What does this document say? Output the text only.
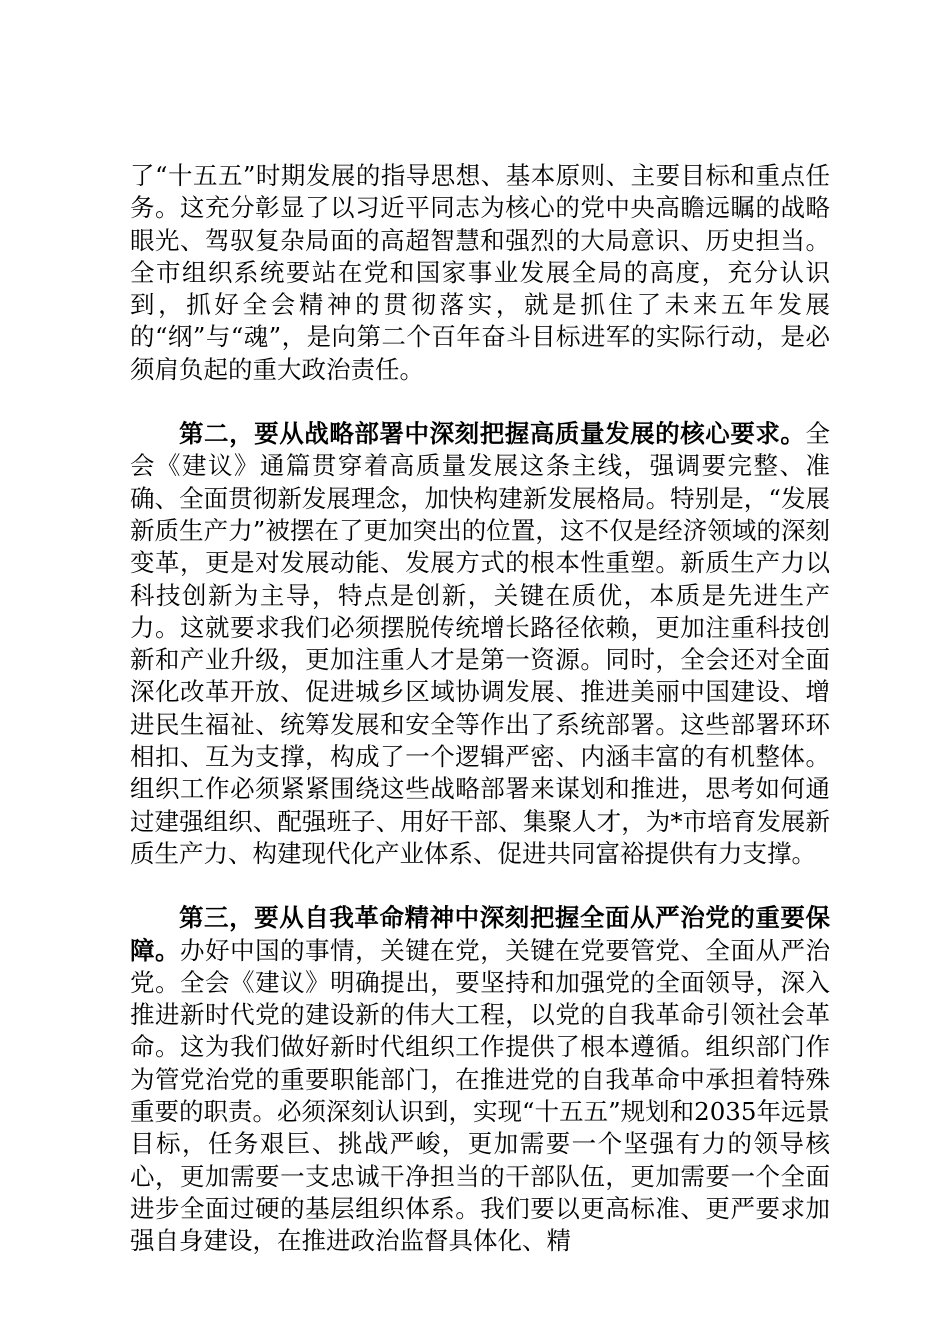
了“十五五”时期发展的指导思想、基本原则、主要目标和重点任务。这充分彰显了以习近平同志为核心的党中央高瞻远瞩的战略眼光、驾驭复杂局面的高超智慧和强烈的大局意识、历史担当。全市组织系统要站在党和国家事业发展全局的高度，充分认识到，抓好全会精神的贯彻落实，就是抓住了未来五年发展的“纲”与“魂”，是向第二个百年奋斗目标进军的实际行动，是必须肩负起的重大政治责任。

第二，要从战略部署中深刻把握高质量发展的核心要求。全会《建议》通篇贯穿着高质量发展这条主线，强调要完整、准确、全面贯彻新发展理念，加快构建新发展格局。特别是，“发展新质生产力”被摆在了更加突出的位置，这不仅是经济领域的深刻变革，更是对发展动能、发展方式的根本性重塑。新质生产力以科技创新为主导，特点是创新，关键在质优，本质是先进生产力。这就要求我们必须摆脱传统增长路径依赖，更加注重科技创新和产业升级，更加注重人才是第一资源。同时，全会还对全面深化改革开放、促进城乡区域协调发展、推进美丽中国建设、增进民生福祉、统筹发展和安全等作出了系统部署。这些部署环环相扣、互为支撑，构成了一个逻辑严密、内涵丰富的有机整体。组织工作必须紧紧围绕这些战略部署来谋划和推进，思考如何通过建强组织、配强班子、用好干部、集聚人才，为*市培育发展新质生产力、构建现代化产业体系、促进共同富裕提供有力支撑。

第三，要从自我革命精神中深刻把握全面从严治党的重要保障。办好中国的事情，关键在党，关键在党要管党、全面从严治党。全会《建议》明确提出，要坚持和加强党的全面领导，深入推进新时代党的建设新的伟大工程，以党的自我革命引领社会革命。这为我们做好新时代组织工作提供了根本遵循。组织部门作为管党治党的重要职能部门，在推进党的自我革命中承担着特殊重要的职责。必须深刻认识到，实现“十五五”规划和2035年远景目标，任务艰巨、挑战严峻，更加需要一个坚强有力的领导核心，更加需要一支忠诚干净担当的干部队伍，更加需要一个全面进步全面过硬的基层组织体系。我们要以更高标准、更严要求加强自身建设，在推进政治监督具体化、精
